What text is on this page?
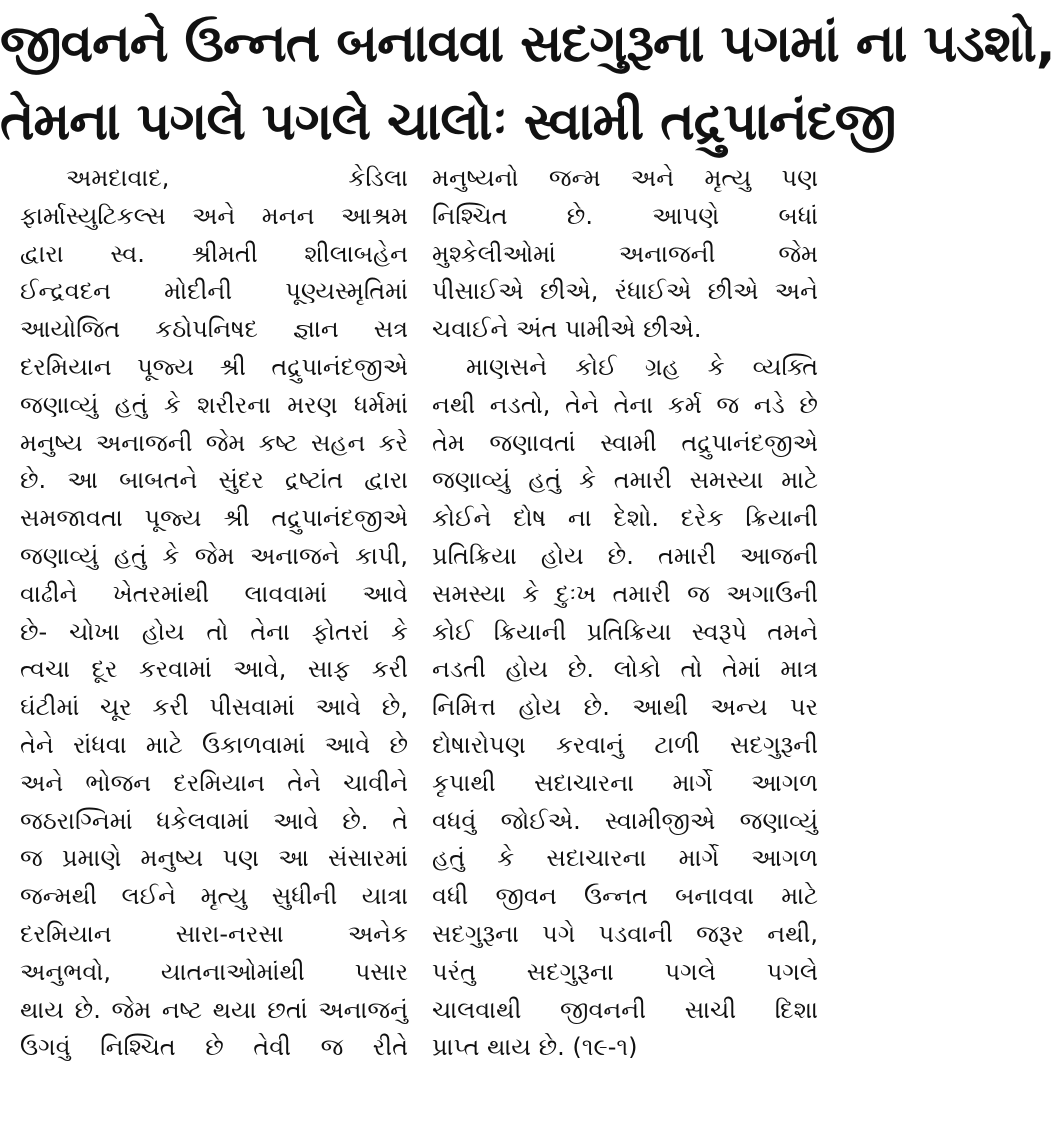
જીવનને ઉન્નત બનાવવા સદગુરૂના પગમાં ના પડશો,
તેમના પગલે પગલે ચાલોઃ સ્વામી તદ્રુપાનંદજી
અમદાવાદ, કેડિલા
ફાર્માસ્યુટિકલ્સ અને મનન આશ્રમ
દ્વારા સ્વ. શ્રીમતી શીલાબહેન
ઈન્દ્રવદન મોદીની પૂણ્યસ્મૃતિમાં
આયોજિત કઠોપનિષદ જ્ઞાન સત્ર
દરમિયાન પૂજ્ય શ્રી તદ્રુપાનંદજીએ
જણાવ્યું હતું કે શરીરના મરણ ધર્મમાં
મનુષ્ય અનાજની જેમ કષ્ટ સહન કરે
છે. આ બાબતને સુંદર દ્રષ્ટાંત દ્વારા
સમજાવતા પૂજ્ય શ્રી તદ્રુપાનંદજીએ
જણાવ્યું હતું કે જેમ અનાજને કાપી,
વાઢીને ખેતરમાંથી લાવવામાં આવે
છે- ચોખા હોય તો તેના ફોતરાં કે
ત્વચા દૂર કરવામાં આવે, સાફ કરી
ઘંટીમાં ચૂર કરી પીસવામાં આવે છે,
તેને રાંધવા માટે ઉકાળવામાં આવે છે
અને ભોજન દરમિયાન તેને ચાવીને
જઠરાગ્નિમાં ધકેલવામાં આવે છે. તે
જ પ્રમાણે મનુષ્ય પણ આ સંસારમાં
જન્મથી લઈને મૃત્યુ સુધીની યાત્રા
દરમિયાન સારા-નરસા અનેક
અનુભવો, યાતનાઓમાંથી પસાર
થાય છે. જેમ નષ્ટ થયા છતાં અનાજનું
ઉગવું નિશ્ચિત છે તેવી જ રીતે
મનુષ્યનો જન્મ અને મૃત્યુ પણ
નિશ્ચિત છે. આપણે બધાં
મુશ્કેલીઓમાં અનાજની જેમ
પીસાઈએ છીએ, રંધાઈએ છીએ અને
ચવાઈને અંત પામીએ છીએ.
માણસને કોઈ ગ્રહ કે વ્યક્તિ
નથી નડતો, તેને તેના કર્મ જ નડે છે
તેમ જણાવતાં સ્વામી તદ્રુપાનંદજીએ
જણાવ્યું હતું કે તમારી સમસ્યા માટે
કોઈને દોષ ના દેશો. દરેક ક્રિયાની
પ્રતિક્રિયા હોય છે. તમારી આજની
સમસ્યા કે દુઃખ તમારી જ અગાઉની
કોઈ ક્રિયાની પ્રતિક્રિયા સ્વરૂપે તમને
નડતી હોય છે. લોકો તો તેમાં માત્ર
નિમિત્ત હોય છે. આથી અન્ય પર
દોષારોપણ કરવાનું ટાળી સદગુરૂની
કૃપાથી સદાચારના માર્ગે આગળ
વધવું જોઈએ. સ્વામીજીએ જણાવ્યું
હતું કે સદાચારના માર્ગે આગળ
વધી જીવન ઉન્નત બનાવવા માટે
સદગુરૂના પગે પડવાની જરૂર નથી,
પરંતુ સદગુરૂના પગલે પગલે
ચાલવાથી જીવનની સાચી દિશા
પ્રાપ્ત થાય છે. (૧૯-૧)
